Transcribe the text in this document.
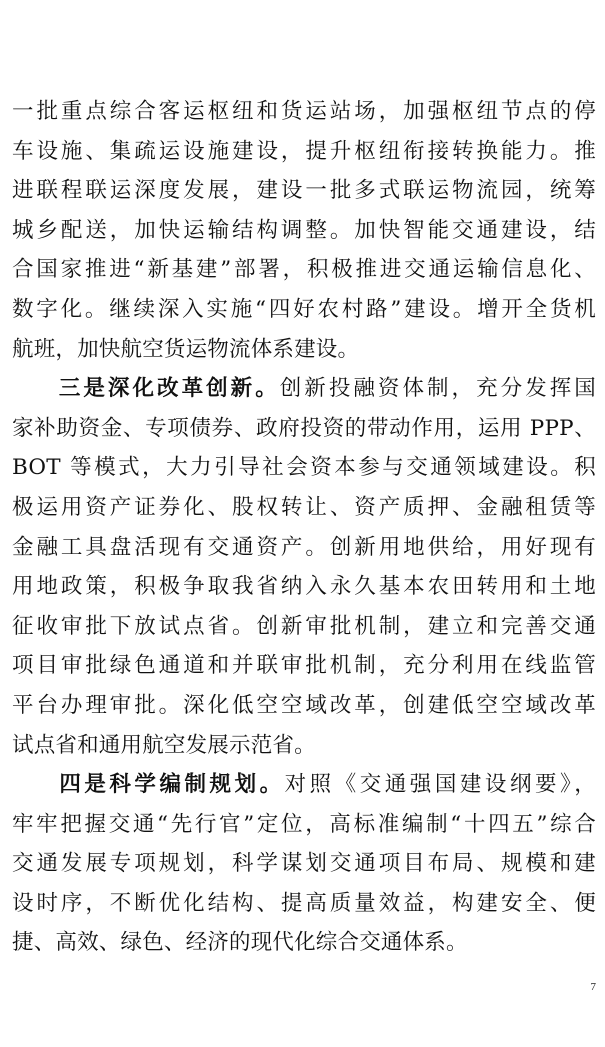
一批重点综合客运枢纽和货运站场，加强枢纽节点的停
车设施、集疏运设施建设，提升枢纽衔接转换能力。推
进联程联运深度发展，建设一批多式联运物流园，统筹
城乡配送，加快运输结构调整。加快智能交通建设，结
合国家推进“新基建”部署，积极推进交通运输信息化、
数字化。继续深入实施“四好农村路”建设。增开全货机
航班，加快航空货运物流体系建设。
三是深化改革创新。创新投融资体制，充分发挥国
家补助资金、专项债券、政府投资的带动作用，运用 PPP、
BOT 等模式，大力引导社会资本参与交通领域建设。积
极运用资产证券化、股权转让、资产质押、金融租赁等
金融工具盘活现有交通资产。创新用地供给，用好现有
用地政策，积极争取我省纳入永久基本农田转用和土地
征收审批下放试点省。创新审批机制，建立和完善交通
项目审批绿色通道和并联审批机制，充分利用在线监管
平台办理审批。深化低空空域改革，创建低空空域改革
试点省和通用航空发展示范省。
四是科学编制规划。对照《交通强国建设纲要》，
牢牢把握交通“先行官”定位，高标准编制“十四五”综合
交通发展专项规划，科学谋划交通项目布局、规模和建
设时序，不断优化结构、提高质量效益，构建安全、便
捷、高效、绿色、经济的现代化综合交通体系。
7
